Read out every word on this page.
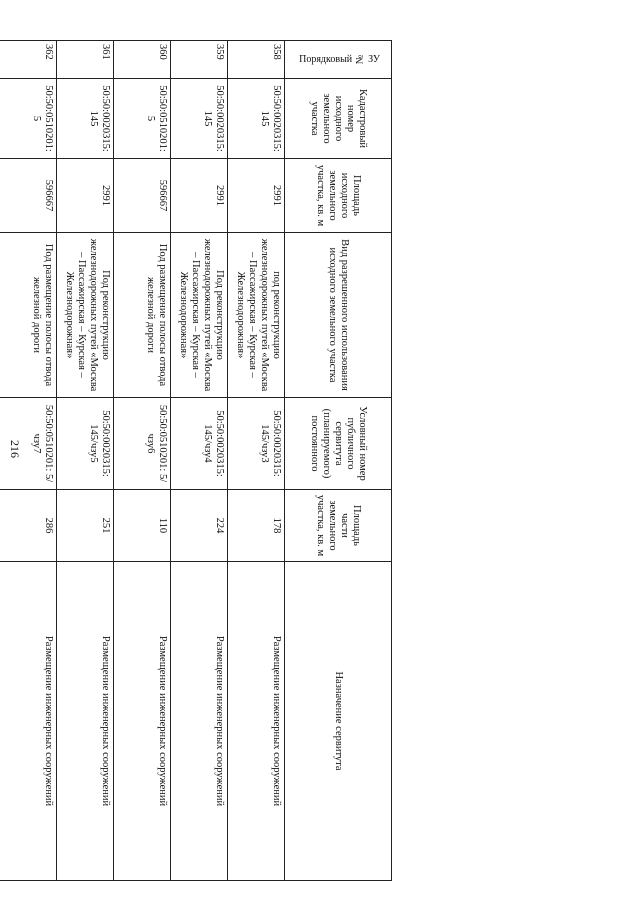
216
Порядковый № ЗУ	Кадастровый номер исходного земельного участка	Площадь исходного земельного участка, кв. м	Вид разрешенного использования исходного земельного участка	Условный номер публичного сервитута (планируемого) постоянного	Площадь части земельного участка, кв. м	Назначение сервитута
358	50:50:0020315: 145	2991	под реконструкцию железнодорожных путей «Москва – Пассажирская – Курская – Железнодорожная»	50:50:0020315: 145/чзу3	178	Размещение инженерных сооружений
359	50:50:0020315: 145	2991	Под реконструкцию железнодорожных путей «Москва – Пассажирская – Курская – Железнодорожная»	50:50:0020315: 145/чзу4	224	Размещение инженерных сооружений
360	50:50:0510201: 5	596667	Под размещение полосы отвода железной дороги	50:50:0510201: 5/чзу6	110	Размещение инженерных сооружений
361	50:50:0020315: 145	2991	Под реконструкцию железнодорожных путей «Москва – Пассажирская – Курская – Железнодорожная»	50:50:0020315: 145/чзу5	251	Размещение инженерных сооружений
362	50:50:0510201: 5	596667	Под размещение полосы отвода железной дороги	50:50:0510201: 5/чзу7	286	Размещение инженерных сооружений
